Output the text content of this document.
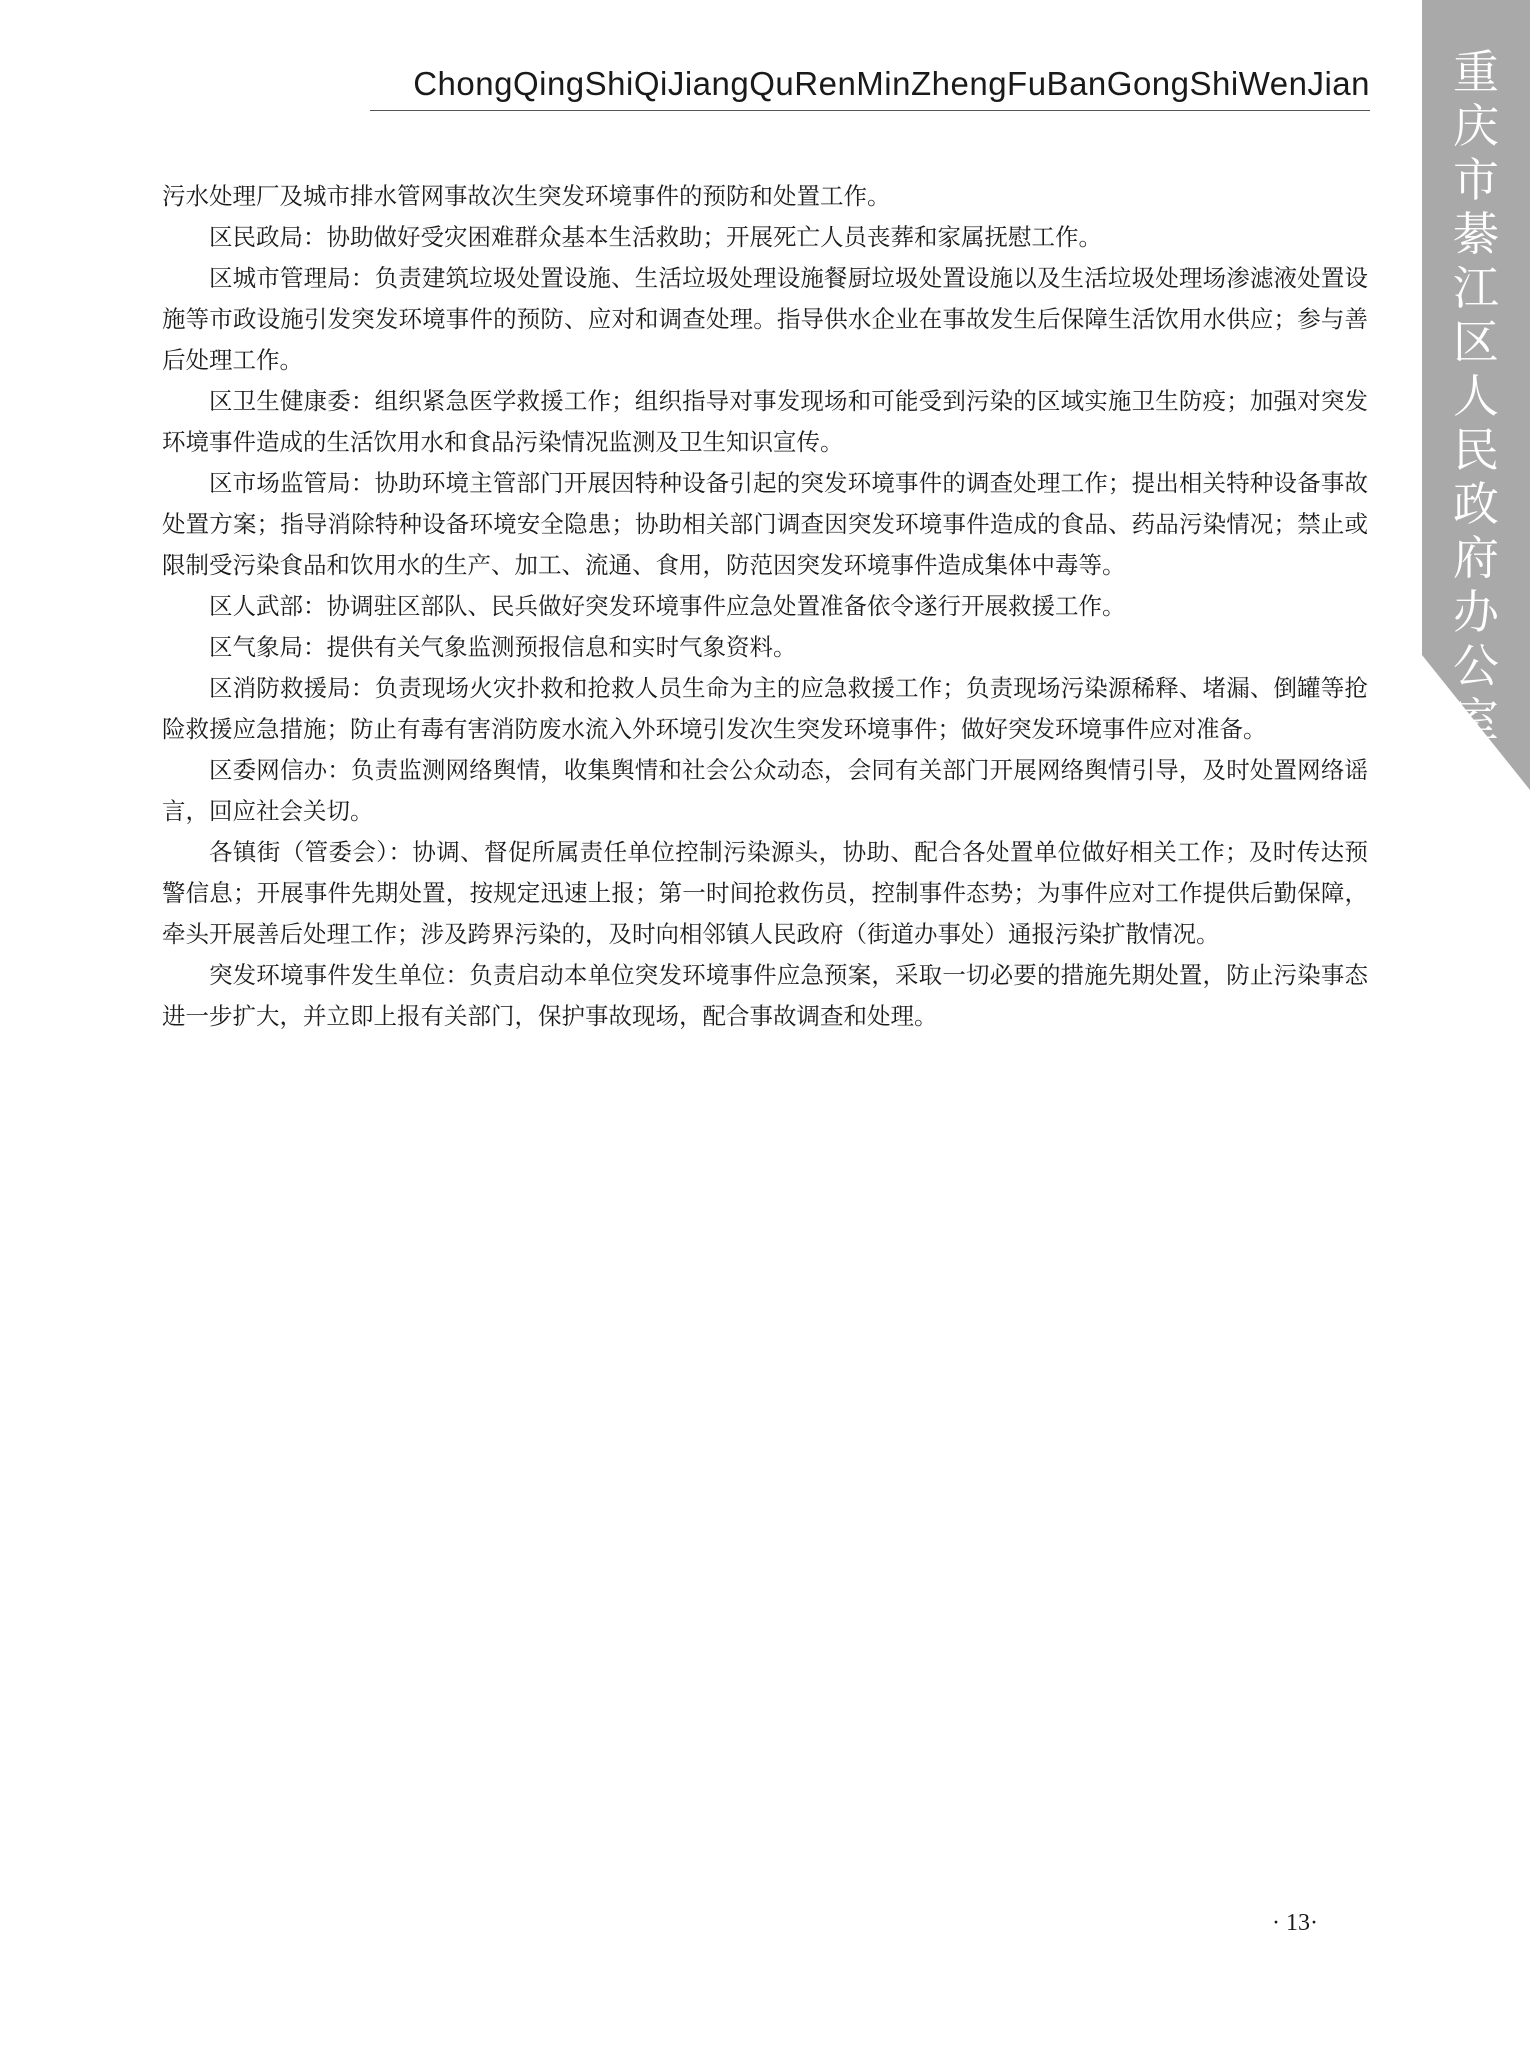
ChongQingShiQiJiangQuRenMinZhengFuBanGongShiWenJian	重
庆
市
綦
江
区
人
民
政
府
办
公
室
文
件

污水处理厂及城市排水管网事故次生突发环境事件的预防和处置工作。

区民政局：协助做好受灾困难群众基本生活救助；开展死亡人员丧葬和家属抚慰工作。

区城市管理局：负责建筑垃圾处置设施、生活垃圾处理设施餐厨垃圾处置设施以及生活垃圾处理场渗滤液处置设施等市政设施引发突发环境事件的预防、应对和调查处理。指导供水企业在事故发生后保障生活饮用水供应；参与善后处理工作。

区卫生健康委：组织紧急医学救援工作；组织指导对事发现场和可能受到污染的区域实施卫生防疫；加强对突发环境事件造成的生活饮用水和食品污染情况监测及卫生知识宣传。

区市场监管局：协助环境主管部门开展因特种设备引起的突发环境事件的调查处理工作；提出相关特种设备事故处置方案；指导消除特种设备环境安全隐患；协助相关部门调查因突发环境事件造成的食品、药品污染情况；禁止或限制受污染食品和饮用水的生产、加工、流通、食用，防范因突发环境事件造成集体中毒等。

区人武部：协调驻区部队、民兵做好突发环境事件应急处置准备依令遂行开展救援工作。

区气象局：提供有关气象监测预报信息和实时气象资料。

区消防救援局：负责现场火灾扑救和抢救人员生命为主的应急救援工作；负责现场污染源稀释、堵漏、倒罐等抢险救援应急措施；防止有毒有害消防废水流入外环境引发次生突发环境事件；做好突发环境事件应对准备。

区委网信办：负责监测网络舆情，收集舆情和社会公众动态，会同有关部门开展网络舆情引导，及时处置网络谣言，回应社会关切。

各镇街（管委会）：协调、督促所属责任单位控制污染源头，协助、配合各处置单位做好相关工作；及时传达预警信息；开展事件先期处置，按规定迅速上报；第一时间抢救伤员，控制事件态势；为事件应对工作提供后勤保障，牵头开展善后处理工作；涉及跨界污染的，及时向相邻镇人民政府（街道办事处）通报污染扩散情况。

突发环境事件发生单位：负责启动本单位突发环境事件应急预案，采取一切必要的措施先期处置，防止污染事态进一步扩大，并立即上报有关部门，保护事故现场，配合事故调查和处理。

· 13·
